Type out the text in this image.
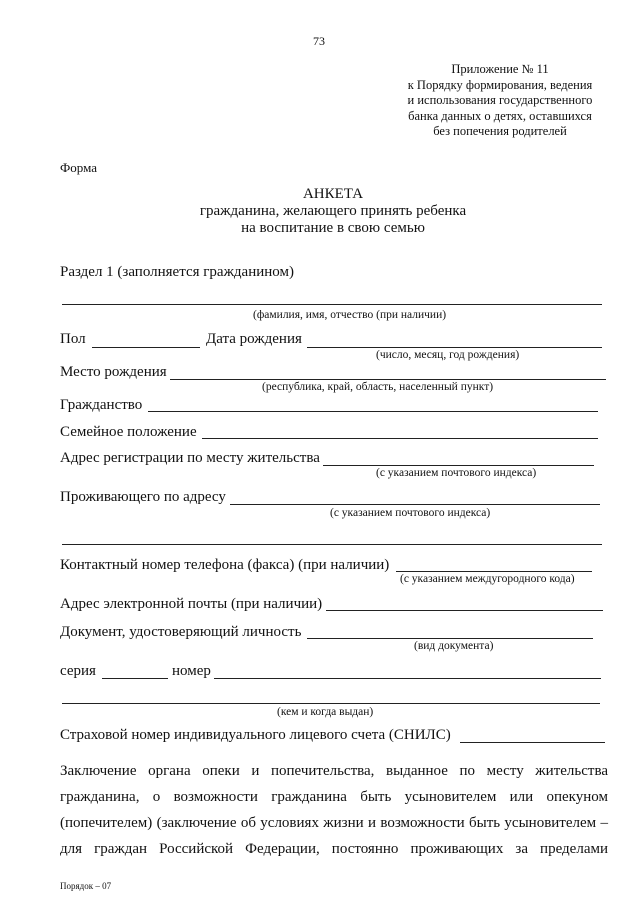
73
Приложение № 11
к Порядку формирования, ведения
и использования государственного
банка данных о детях, оставшихся
без попечения родителей
Форма
АНКЕТА
гражданина, желающего принять ребенка
на воспитание в свою семью
Раздел 1 (заполняется гражданином)
(фамилия, имя, отчество (при наличии)
Пол	Дата рождения
(число, месяц, год рождения)
Место рождения
(республика, край, область, населенный пункт)
Гражданство
Семейное положение
Адрес регистрации по месту жительства
(с указанием почтового индекса)
Проживающего по адресу
(с указанием почтового индекса)
Контактный номер телефона (факса) (при наличии)
(с указанием междугородного кода)
Адрес электронной почты (при наличии)
Документ, удостоверяющий личность
(вид документа)
серия	номер
(кем и когда выдан)
Страховой номер индивидуального лицевого счета (СНИЛС)
Заключение органа опеки и попечительства, выданное по месту жительства
гражданина, о возможности гражданина быть усыновителем или опекуном
(попечителем) (заключение об условиях жизни и возможности быть усыновителем –
для граждан Российской Федерации, постоянно проживающих за пределами
Порядок – 07
